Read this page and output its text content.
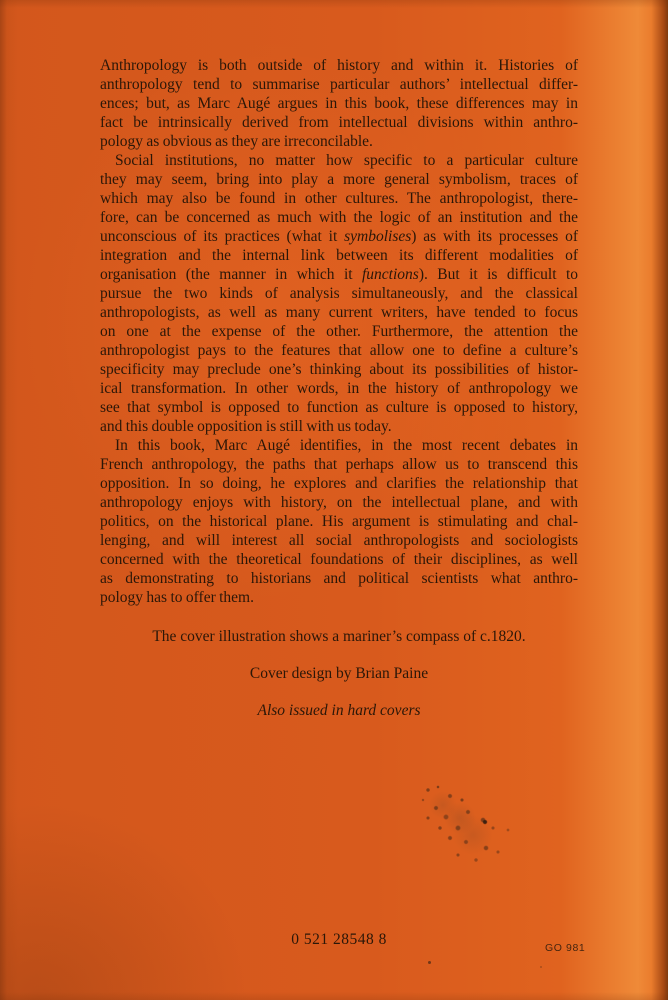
Anthropology is both outside of history and within it. Histories of
anthropology tend to summarise particular authors’ intellectual differ-
ences; but, as Marc Augé argues in this book, these differences may in
fact be intrinsically derived from intellectual divisions within anthro-
pology as obvious as they are irreconcilable.
Social institutions, no matter how specific to a particular culture
they may seem, bring into play a more general symbolism, traces of
which may also be found in other cultures. The anthropologist, there-
fore, can be concerned as much with the logic of an institution and the
unconscious of its practices (what it symbolises) as with its processes of
integration and the internal link between its different modalities of
organisation (the manner in which it functions). But it is difficult to
pursue the two kinds of analysis simultaneously, and the classical
anthropologists, as well as many current writers, have tended to focus
on one at the expense of the other. Furthermore, the attention the
anthropologist pays to the features that allow one to define a culture’s
specificity may preclude one’s thinking about its possibilities of histor-
ical transformation. In other words, in the history of anthropology we
see that symbol is opposed to function as culture is opposed to history,
and this double opposition is still with us today.
In this book, Marc Augé identifies, in the most recent debates in
French anthropology, the paths that perhaps allow us to transcend this
opposition. In so doing, he explores and clarifies the relationship that
anthropology enjoys with history, on the intellectual plane, and with
politics, on the historical plane. His argument is stimulating and chal-
lenging, and will interest all social anthropologists and sociologists
concerned with the theoretical foundations of their disciplines, as well
as demonstrating to historians and political scientists what anthro-
pology has to offer them.
The cover illustration shows a mariner’s compass of c.1820.
Cover design by Brian Paine
Also issued in hard covers
0 521 28548 8	GO 981
